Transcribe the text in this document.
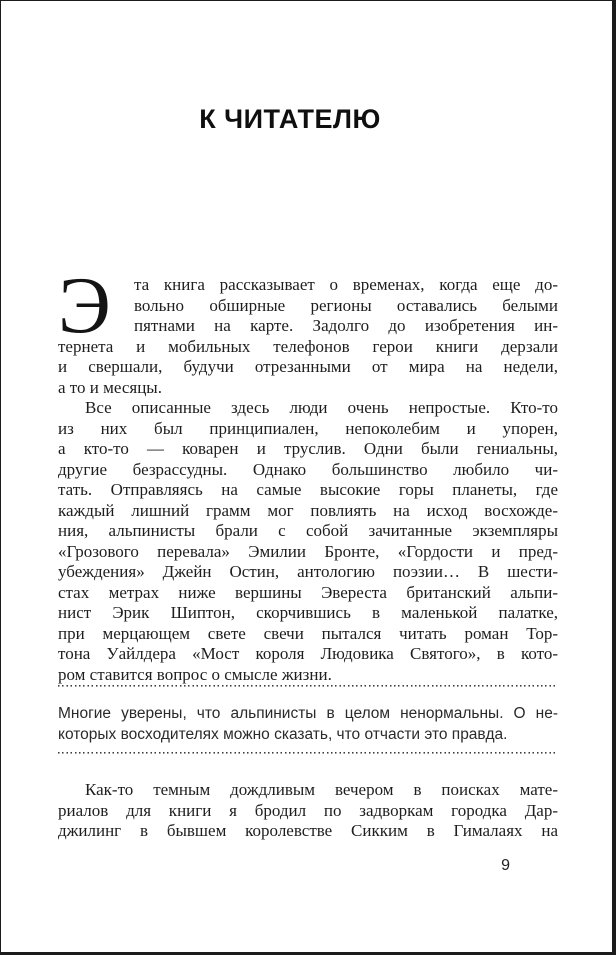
К ЧИТАТЕЛЮ
Э	та книга рассказывает о временах, когда еще до-
вольно обширные регионы оставались белыми
пятнами на карте. Задолго до изобретения ин-
тернета и мобильных телефонов герои книги дерзали
и свершали, будучи отрезанными от мира на недели,
а то и месяцы.
Все описанные здесь люди очень непростые. Кто-то
из них был принципиален, непоколебим и упорен,
а кто-то — коварен и труслив. Одни были гениальны,
другие безрассудны. Однако большинство любило чи-
тать. Отправляясь на самые высокие горы планеты, где
каждый лишний грамм мог повлиять на исход восхожде-
ния, альпинисты брали с собой зачитанные экземпляры
«Грозового перевала» Эмилии Бронте, «Гордости и пред-
убеждения» Джейн Остин, антологию поэзии… В шести-
стах метрах ниже вершины Эвереста британский альпи-
нист Эрик Шиптон, скорчившись в маленькой палатке,
при мерцающем свете свечи пытался читать роман Тор-
тона Уайлдера «Мост короля Людовика Святого», в кото-
ром ставится вопрос о смысле жизни.
Многие уверены, что альпинисты в целом ненормальны. О не-
которых восходителях можно сказать, что отчасти это правда.
Как-то темным дождливым вечером в поисках мате-
риалов для книги я бродил по задворкам городка Дар-
джилинг в бывшем королевстве Сикким в Гималаях на
9
